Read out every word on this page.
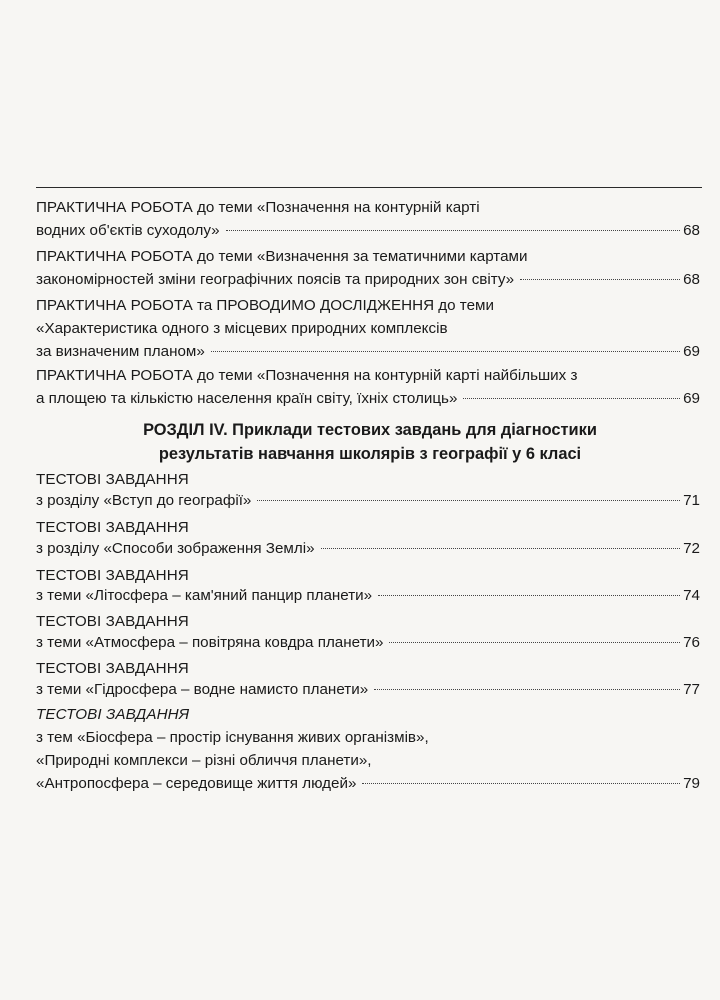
ПРАКТИЧНА РОБОТА до теми «Позначення на контурній карті
водних об'єктів суходолу»	68
ПРАКТИЧНА РОБОТА до теми «Визначення за тематичними картами
закономірностей зміни географічних поясів та природних зон світу»	68
ПРАКТИЧНА РОБОТА та ПРОВОДИМО ДОСЛІДЖЕННЯ до теми
«Характеристика одного з місцевих природних комплексів
за визначеним планом»	69
ПРАКТИЧНА РОБОТА до теми «Позначення на контурній карті найбільших з
а площею та кількістю населення країн світу, їхніх столиць»	69
РОЗДІЛ IV. Приклади тестових завдань для діагностики
результатів навчання школярів з географії у 6 класі
ТЕСТОВІ ЗАВДАННЯ
з розділу «Вступ до географії»	71
ТЕСТОВІ ЗАВДАННЯ
з розділу «Способи зображення Землі»	72
ТЕСТОВІ ЗАВДАННЯ
з теми «Літосфера – кам'яний панцир планети»	74
ТЕСТОВІ ЗАВДАННЯ
з теми «Атмосфера – повітряна ковдра планети»	76
ТЕСТОВІ ЗАВДАННЯ
з теми «Гідросфера – водне намисто планети»	77
ТЕСТОВІ ЗАВДАННЯ
з тем «Біосфера – простір існування живих організмів»,
«Природні комплекси – різні обличчя планети»,
«Антропосфера – середовище життя людей»	79
